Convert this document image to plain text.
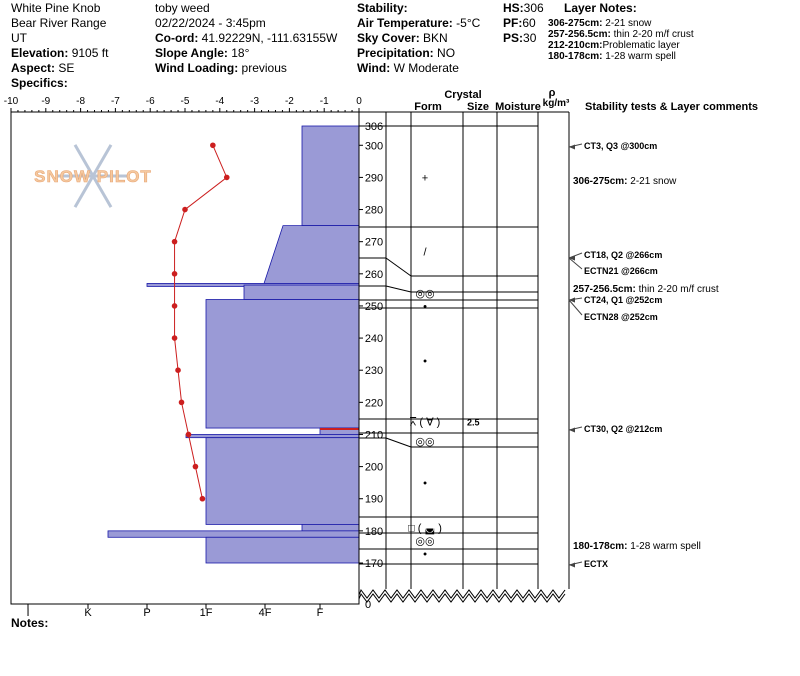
White Pine Knob
Bear River Range
UT
Elevation: 9105 ft
Aspect: SE
Specifics:
toby weed
02/22/2024 - 3:45pm
Co-ord: 41.92229N, -111.63155W
Slope Angle: 18°
Wind Loading: previous
Stability:
Air Temperature: -5°C
Sky Cover: BKN
Precipitation: NO
Wind: W Moderate
HS:306
PF:60
PS:30
Layer Notes:
306-275cm: 2-21 snow
257-256.5cm: thin 2-20 m/f crust
212-210cm:Problematic layer
180-178cm: 1-28 warm spell
Notes:
SNOW PILOT
-10 -9	-8	-7	-6	-5	-4	-3	-2	-1	0
I	K	P	1F	4F	F
306
300
290
280
270
260
250
240
230
220
210
200
190
180
170
0
Crystal
Form Size Moisture
ρ
kg/m³ Stability tests & Layer comments
+
/
◎◎
•
•
⩞ ( ∀ )	2.5
◎◎
•
□ ( ◛ )
◎◎
•
CT3, Q3 @300cm
CT18, Q2 @266cm
ECTN21 @266cm
CT24, Q1 @252cm
ECTN28 @252cm
CT30, Q2 @212cm
ECTX
306-275cm: 2-21 snow
257-256.5cm: thin 2-20 m/f crust
180-178cm: 1-28 warm spell
